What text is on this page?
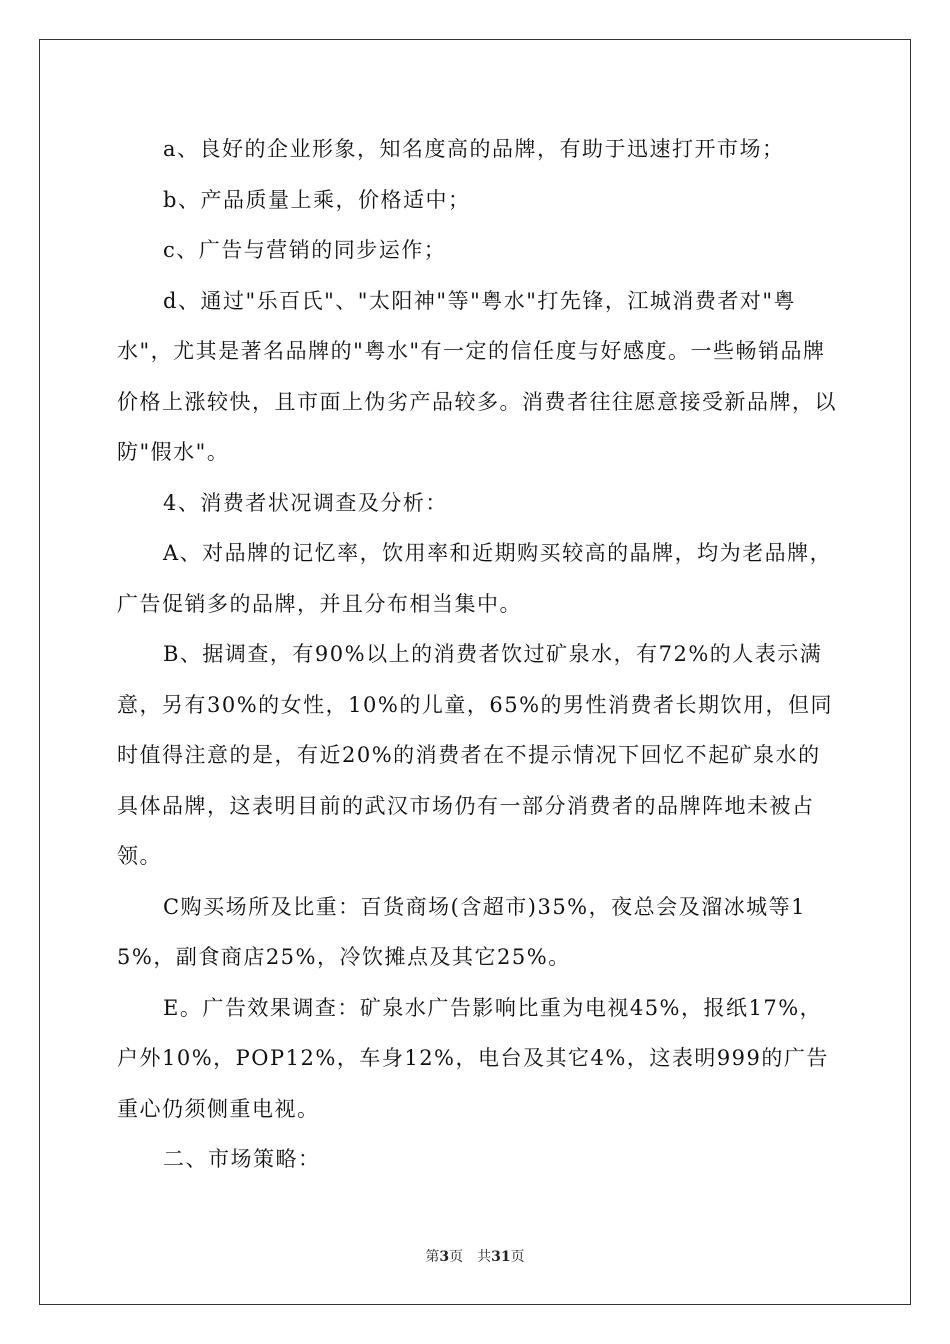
a、良好的企业形象，知名度高的品牌，有助于迅速打开市场；

b、产品质量上乘，价格适中；

c、广告与营销的同步运作；

d、通过"乐百氏"、"太阳神"等"粤水"打先锋，江城消费者对"粤水"，尤其是著名品牌的"粤水"有一定的信任度与好感度。一些畅销品牌价格上涨较快，且市面上伪劣产品较多。消费者往往愿意接受新品牌，以防"假水"。

4、消费者状况调查及分析：

A、对品牌的记忆率，饮用率和近期购买较高的晶牌，均为老品牌，广告促销多的品牌，并且分布相当集中。

B、据调查，有90%以上的消费者饮过矿泉水，有72%的人表示满意，另有30%的女性，10%的儿童，65%的男性消费者长期饮用，但同时值得注意的是，有近20%的消费者在不提示情况下回忆不起矿泉水的具体品牌，这表明目前的武汉市场仍有一部分消费者的品牌阵地未被占领。

C购买场所及比重：百货商场(含超市)35%，夜总会及溜冰城等15%，副食商店25%，冷饮摊点及其它25%。

E。广告效果调查：矿泉水广告影响比重为电视45%，报纸17%，户外10%，POP12%，车身12%，电台及其它4%，这表明999的广告重心仍须侧重电视。

二、市场策略：

第3页　共31页
